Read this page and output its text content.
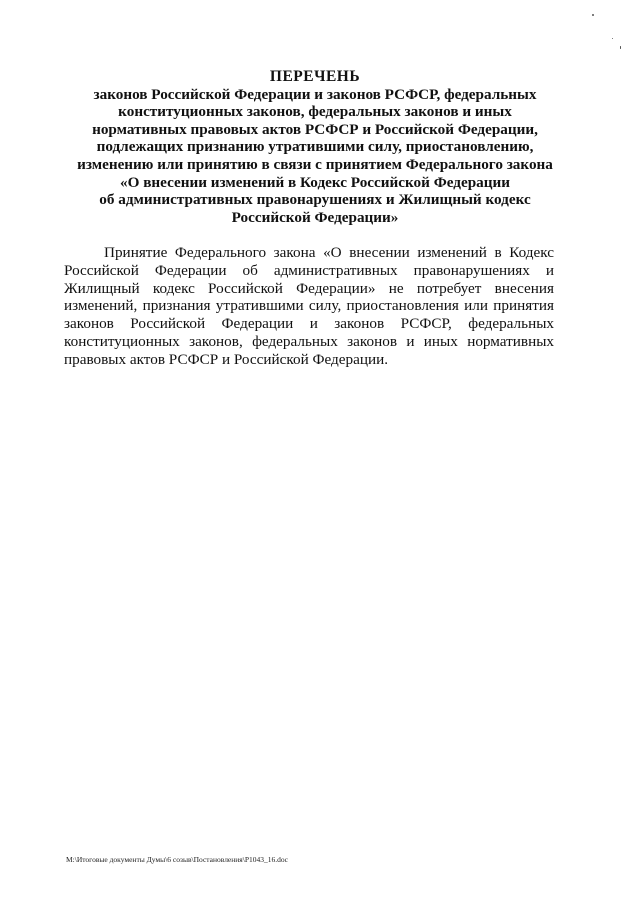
ПЕРЕЧЕНЬ
законов Российской Федерации и законов РСФСР, федеральных
конституционных законов, федеральных законов и иных
нормативных правовых актов РСФСР и Российской Федерации,
подлежащих признанию утратившими силу, приостановлению,
изменению или принятию в связи с принятием Федерального закона
«О внесении изменений в Кодекс Российской Федерации
об административных правонарушениях и Жилищный кодекс
Российской Федерации»
Принятие Федерального закона «О внесении изменений в Кодекс
Российской Федерации об административных правонарушениях и
Жилищный кодекс Российской Федерации» не потребует внесения
изменений, признания утратившими силу, приостановления или принятия
законов Российской Федерации и законов РСФСР, федеральных
конституционных законов, федеральных законов и иных нормативных
правовых актов РСФСР и Российской Федерации.
M:\Итоговые документы Думы\6 созыв\Постановления\P1043_16.doc
